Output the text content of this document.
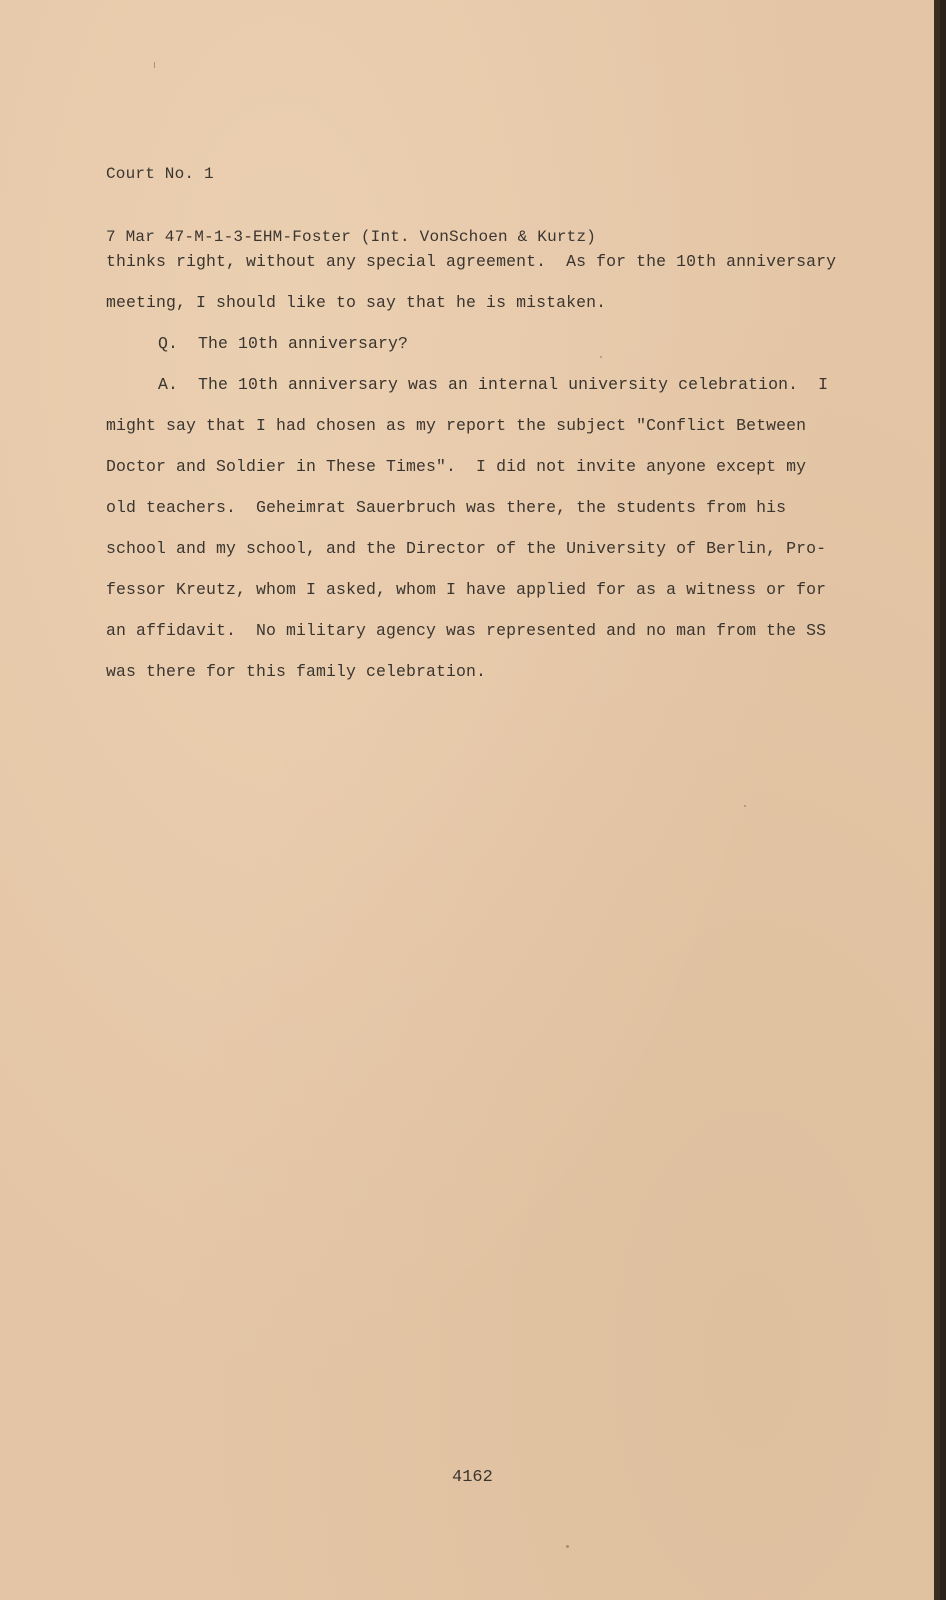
Court No. 1

7 Mar 47-M-1-3-EHM-Foster (Int. VonSchoen & Kurtz)

thinks right, without any special agreement.  As for the 10th anniversary

meeting, I should like to say that he is mistaken.

Q.  The 10th anniversary?

A.  The 10th anniversary was an internal university celebration.  I

might say that I had chosen as my report the subject "Conflict Between

Doctor and Soldier in These Times".  I did not invite anyone except my

old teachers.  Geheimrat Sauerbruch was there, the students from his

school and my school, and the Director of the University of Berlin, Pro-

fessor Kreutz, whom I asked, whom I have applied for as a witness or for

an affidavit.  No military agency was represented and no man from the SS

was there for this family celebration.

4162
